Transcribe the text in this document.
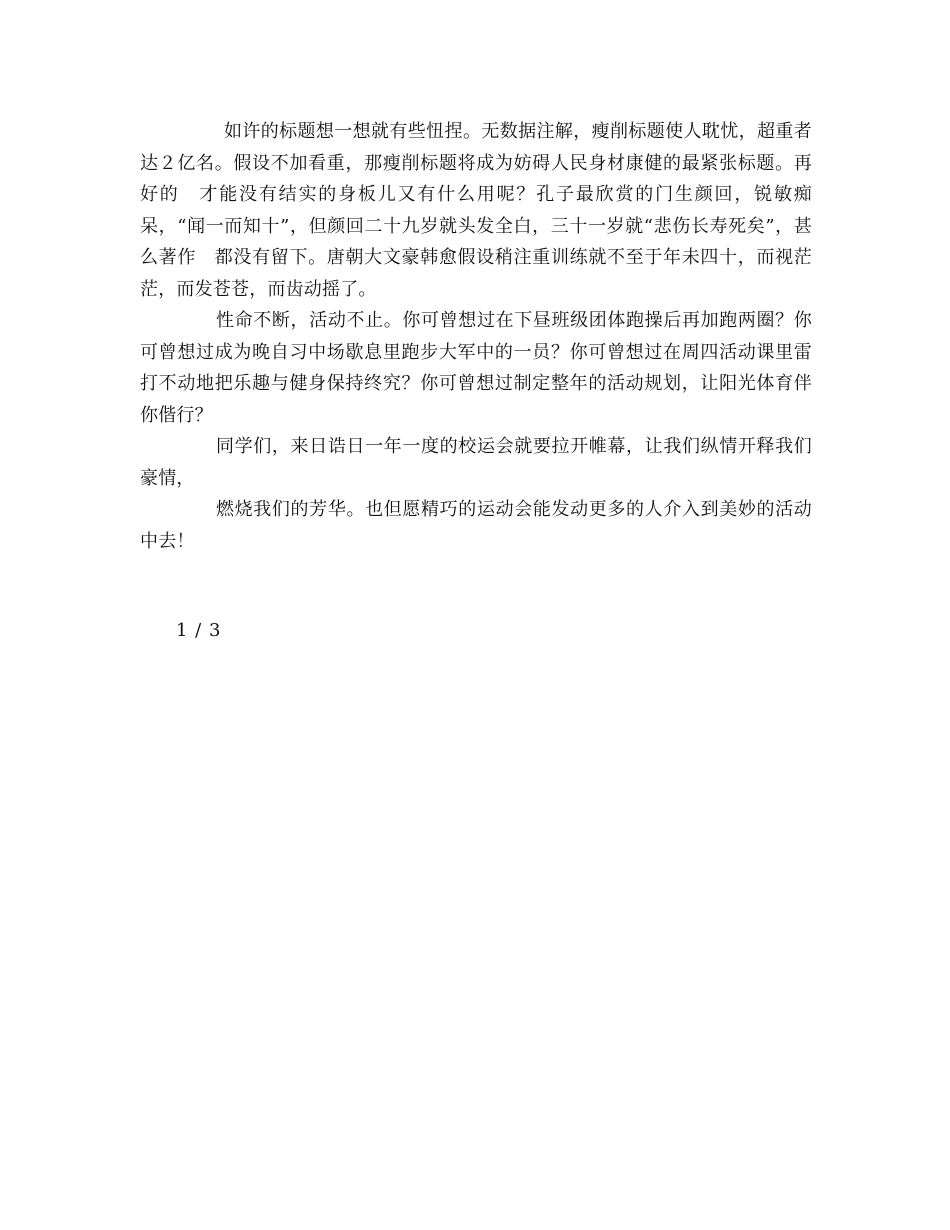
如许的标题想一想就有些忸捏。无数据注解，瘦削标题使人耽忧，超重者达２亿名。假设不加看重，那瘦削标题将成为妨碍人民身材康健的最紧张标题。再好的　才能没有结实的身板儿又有什么用呢？孔子最欣赏的门生颜回，锐敏痴呆，“闻一而知十”，但颜回二十九岁就头发全白，三十一岁就“悲伤长寿死矣”，甚么著作　都没有留下。唐朝大文豪韩愈假设稍注重训练就不至于年未四十，而视茫茫，而发苍苍，而齿动摇了。

性命不断，活动不止。你可曾想过在下昼班级团体跑操后再加跑两圈？你可曾想过成为晚自习中场歇息里跑步大军中的一员？你可曾想过在周四活动课里雷打不动地把乐趣与健身保持终究？你可曾想过制定整年的活动规划，让阳光体育伴你偕行？

同学们，来日诰日一年一度的校运会就要拉开帷幕，让我们纵情开释我们豪情，

燃烧我们的芳华。也但愿精巧的运动会能发动更多的人介入到美妙的活动中去！

1 / 3
